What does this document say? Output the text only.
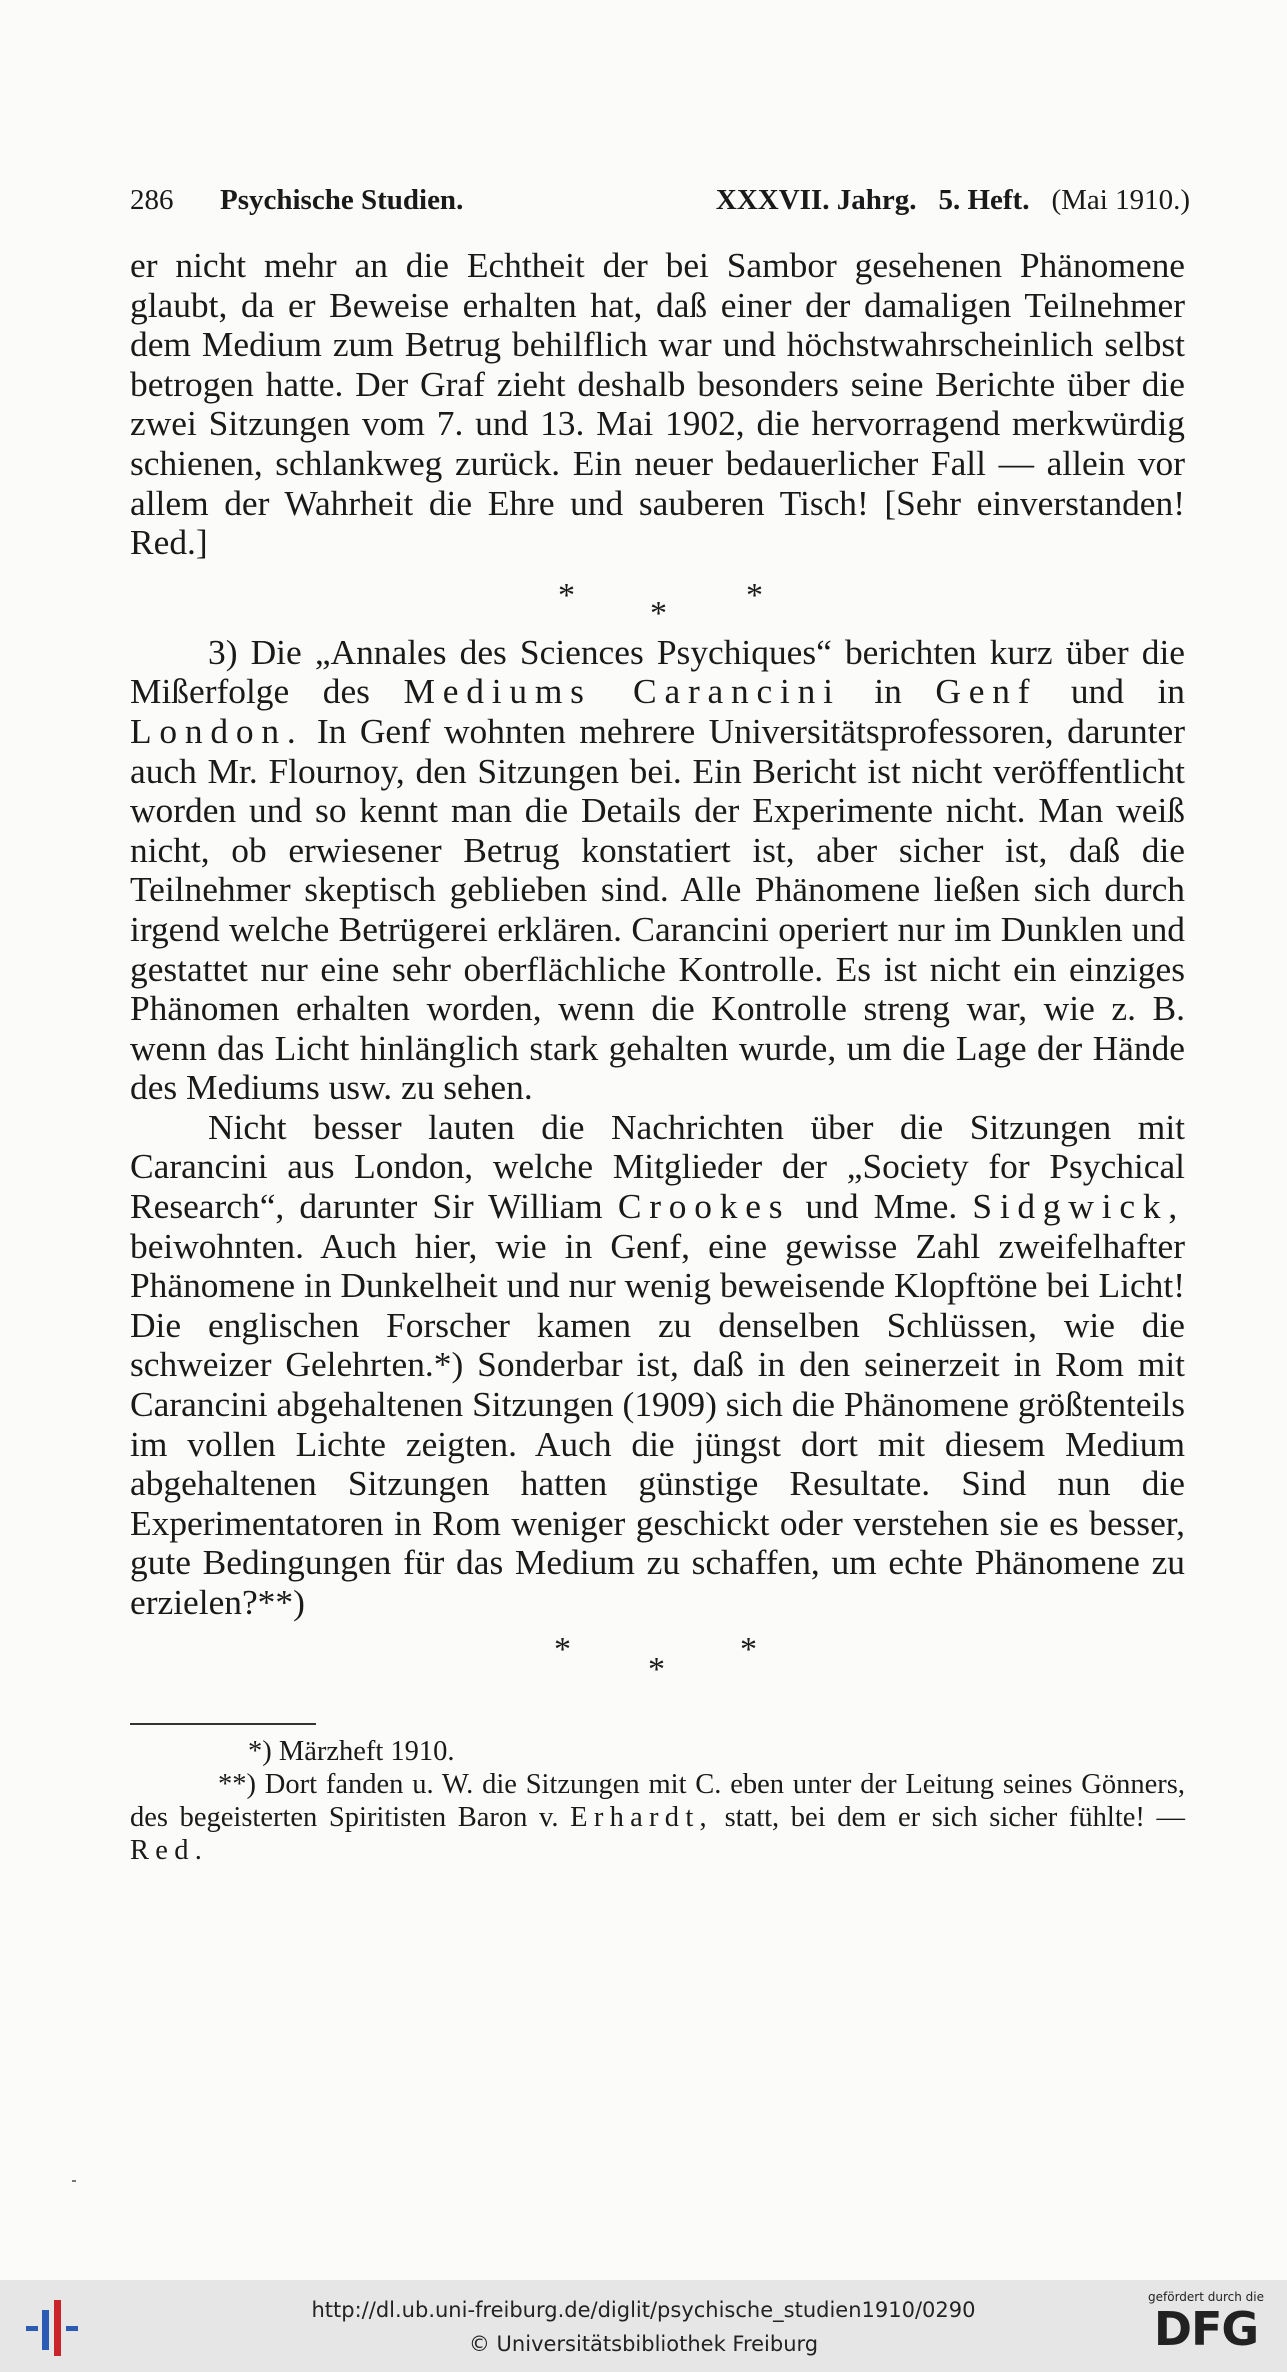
286	Psychische Studien.	XXXVII. Jahrg. 5. Heft. (Mai 1910.)

er nicht mehr an die Echtheit der bei Sambor gesehenen Phänomene glaubt, da er Beweise erhalten hat, daß einer der damaligen Teilnehmer dem Medium zum Betrug behilflich war und höchstwahrscheinlich selbst betrogen hatte. Der Graf zieht deshalb besonders seine Berichte über die zwei Sitzungen vom 7. und 13. Mai 1902, die hervorragend merkwürdig schienen, schlankweg zurück. Ein neuer bedauerlicher Fall — allein vor allem der Wahrheit die Ehre und sauberen Tisch! [Sehr einverstanden! Red.]

* * *

3) Die „Annales des Sciences Psychiques“ berichten kurz über die Mißerfolge des Mediums Carancini in Genf und in London. In Genf wohnten mehrere Universitätsprofessoren, darunter auch Mr. Flournoy, den Sitzungen bei. Ein Bericht ist nicht veröffentlicht worden und so kennt man die Details der Experimente nicht. Man weiß nicht, ob erwiesener Betrug konstatiert ist, aber sicher ist, daß die Teilnehmer skeptisch geblieben sind. Alle Phänomene ließen sich durch irgend welche Betrügerei erklären. Carancini operiert nur im Dunklen und gestattet nur eine sehr oberflächliche Kontrolle. Es ist nicht ein einziges Phänomen erhalten worden, wenn die Kontrolle streng war, wie z. B. wenn das Licht hinlänglich stark gehalten wurde, um die Lage der Hände des Mediums usw. zu sehen.

Nicht besser lauten die Nachrichten über die Sitzungen mit Carancini aus London, welche Mitglieder der „Society for Psychical Research“, darunter Sir William Crookes und Mme. Sidgwick, beiwohnten. Auch hier, wie in Genf, eine gewisse Zahl zweifelhafter Phänomene in Dunkelheit und nur wenig beweisende Klopftöne bei Licht! Die englischen Forscher kamen zu denselben Schlüssen, wie die schweizer Gelehrten.*) Sonderbar ist, daß in den seinerzeit in Rom mit Carancini abgehaltenen Sitzungen (1909) sich die Phänomene größtenteils im vollen Lichte zeigten. Auch die jüngst dort mit diesem Medium abgehaltenen Sitzungen hatten günstige Resultate. Sind nun die Experimentatoren in Rom weniger geschickt oder verstehen sie es besser, gute Bedingungen für das Medium zu schaffen, um echte Phänomene zu erzielen?**)

*
*
*

*) Märzheft 1910.

**) Dort fanden u. W. die Sitzungen mit C. eben unter der Leitung seines Gönners, des begeisterten Spiritisten Baron v. Erhardt, statt, bei dem er sich sicher fühlte! — Red.

http://dl.ub.uni-freiburg.de/diglit/psychische_studien1910/0290
© Universitätsbibliothek Freiburg
gefördert durch die
DFG
